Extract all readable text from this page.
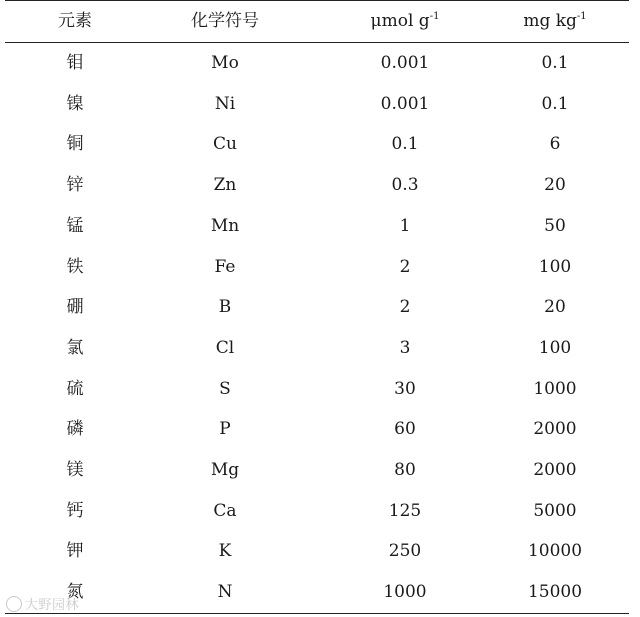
元素	化学符号	μmol $g^{-1}$	mg $kg^{-1}$
钼	Mo	0.001	0.1
镍	Ni	0.001	0.1
铜	Cu	0.1	6
锌	Zn	0.3	20
锰	Mn	1	50
铁	Fe	2	100
硼	B	2	20
氯	Cl	3	100
硫	S	30	1000
磷	P	60	2000
镁	Mg	80	2000
钙	Ca	125	5000
钾	K	250	10000
氮	N	1000	15000
大野园林
